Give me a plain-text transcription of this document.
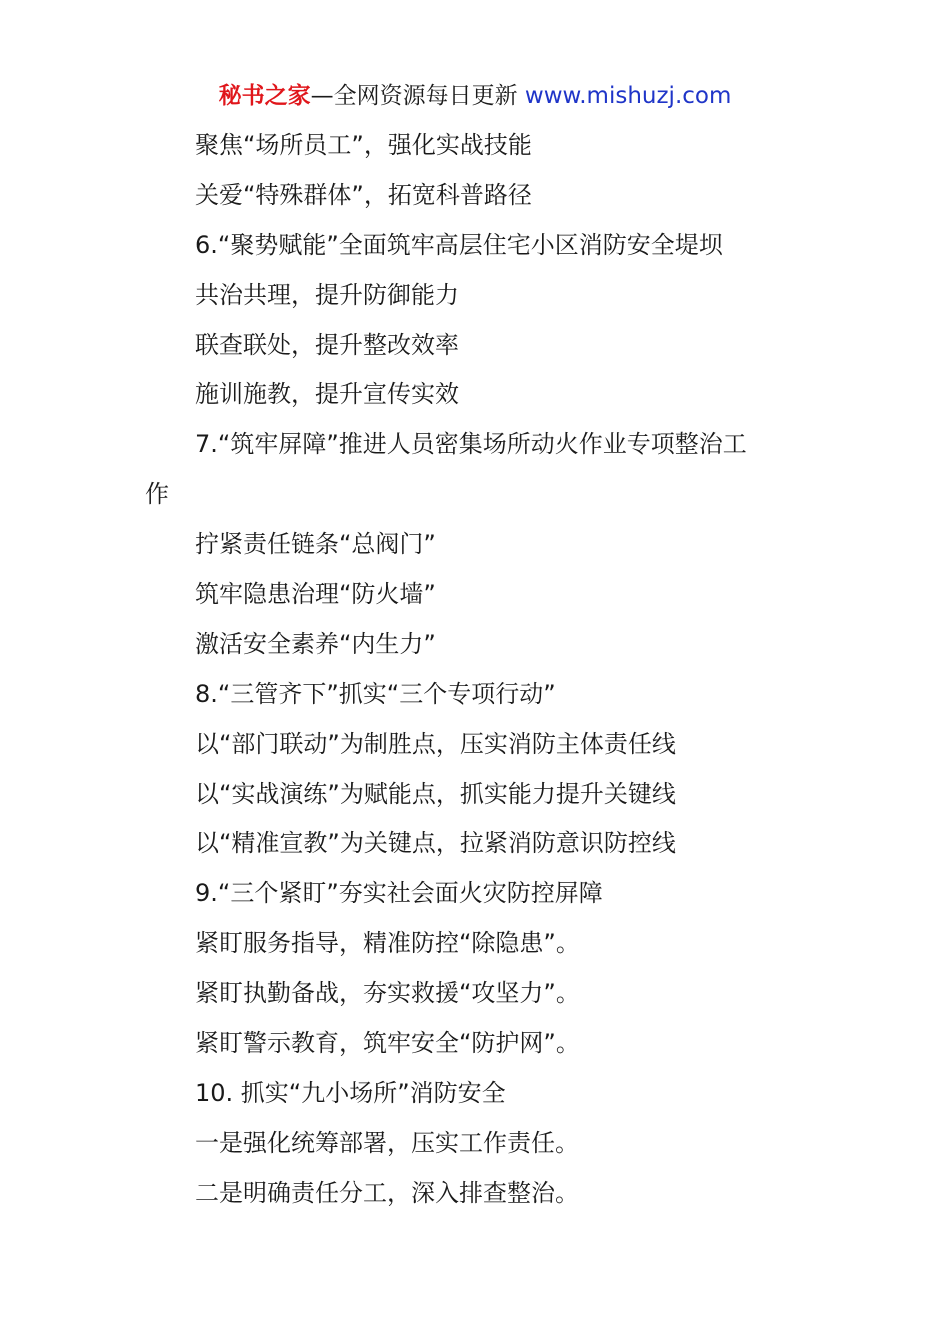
秘书之家—全网资源每日更新 www.mishuzj.com
聚焦“场所员工”，强化实战技能
关爱“特殊群体”，拓宽科普路径
6.“聚势赋能”全面筑牢高层住宅小区消防安全堤坝
共治共理，提升防御能力
联查联处，提升整改效率
施训施教，提升宣传实效
7.“筑牢屏障”推进人员密集场所动火作业专项整治工
作
拧紧责任链条“总阀门”
筑牢隐患治理“防火墙”
激活安全素养“内生力”
8.“三管齐下”抓实“三个专项行动”
以“部门联动”为制胜点，压实消防主体责任线
以“实战演练”为赋能点，抓实能力提升关键线
以“精准宣教”为关键点，拉紧消防意识防控线
9.“三个紧盯”夯实社会面火灾防控屏障
紧盯服务指导，精准防控“除隐患”。
紧盯执勤备战，夯实救援“攻坚力”。
紧盯警示教育，筑牢安全“防护网”。
10. 抓实“九小场所”消防安全
一是强化统筹部署，压实工作责任。
二是明确责任分工，深入排查整治。
